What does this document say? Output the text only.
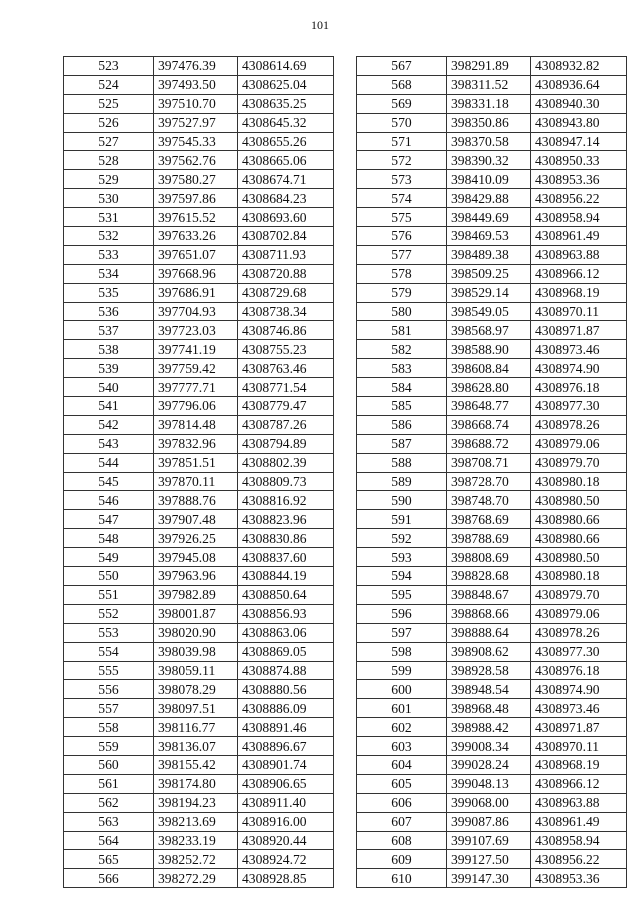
101
523	397476.39	4308614.69
524	397493.50	4308625.04
525	397510.70	4308635.25
526	397527.97	4308645.32
527	397545.33	4308655.26
528	397562.76	4308665.06
529	397580.27	4308674.71
530	397597.86	4308684.23
531	397615.52	4308693.60
532	397633.26	4308702.84
533	397651.07	4308711.93
534	397668.96	4308720.88
535	397686.91	4308729.68
536	397704.93	4308738.34
537	397723.03	4308746.86
538	397741.19	4308755.23
539	397759.42	4308763.46
540	397777.71	4308771.54
541	397796.06	4308779.47
542	397814.48	4308787.26
543	397832.96	4308794.89
544	397851.51	4308802.39
545	397870.11	4308809.73
546	397888.76	4308816.92
547	397907.48	4308823.96
548	397926.25	4308830.86
549	397945.08	4308837.60
550	397963.96	4308844.19
551	397982.89	4308850.64
552	398001.87	4308856.93
553	398020.90	4308863.06
554	398039.98	4308869.05
555	398059.11	4308874.88
556	398078.29	4308880.56
557	398097.51	4308886.09
558	398116.77	4308891.46
559	398136.07	4308896.67
560	398155.42	4308901.74
561	398174.80	4308906.65
562	398194.23	4308911.40
563	398213.69	4308916.00
564	398233.19	4308920.44
565	398252.72	4308924.72
566	398272.29	4308928.85
567	398291.89	4308932.82
568	398311.52	4308936.64
569	398331.18	4308940.30
570	398350.86	4308943.80
571	398370.58	4308947.14
572	398390.32	4308950.33
573	398410.09	4308953.36
574	398429.88	4308956.22
575	398449.69	4308958.94
576	398469.53	4308961.49
577	398489.38	4308963.88
578	398509.25	4308966.12
579	398529.14	4308968.19
580	398549.05	4308970.11
581	398568.97	4308971.87
582	398588.90	4308973.46
583	398608.84	4308974.90
584	398628.80	4308976.18
585	398648.77	4308977.30
586	398668.74	4308978.26
587	398688.72	4308979.06
588	398708.71	4308979.70
589	398728.70	4308980.18
590	398748.70	4308980.50
591	398768.69	4308980.66
592	398788.69	4308980.66
593	398808.69	4308980.50
594	398828.68	4308980.18
595	398848.67	4308979.70
596	398868.66	4308979.06
597	398888.64	4308978.26
598	398908.62	4308977.30
599	398928.58	4308976.18
600	398948.54	4308974.90
601	398968.48	4308973.46
602	398988.42	4308971.87
603	399008.34	4308970.11
604	399028.24	4308968.19
605	399048.13	4308966.12
606	399068.00	4308963.88
607	399087.86	4308961.49
608	399107.69	4308958.94
609	399127.50	4308956.22
610	399147.30	4308953.36
